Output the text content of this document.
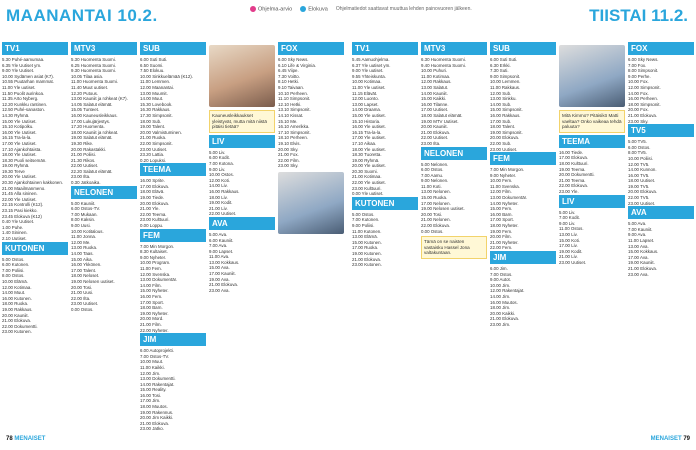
MAANANTAI 10.2.	Ohjelma-arvio	Elokuva Ohjelmatiedot saattavat muuttua lehden painovuoren jälkeen.	TIISTAI 11.2.
TV1
5.30 Puhé-aamumaa.
6.35 Yle Uutiset ym.
9.00 Yle Uutiset.
10.00 Sydämen asiat (K7).
10.55 Puutarhan mammat.
11.00 Yle uutiset.
11.50 Puolit aurinkoa.
11.35 Arto Nyberg.
12.20 Kunkku rantinen.
12.50 Puhé-sanaston.
14.30 Ryhmä.
15.00 Yle Uutiset.
15.10 Kotipolku.
16.00 Yle Uutiset.
16.15 Tra-la-la.
17.00 Yle Uutiset.
17.10 Ajankohtaista.
18.00 Yle Uutiset.
18.30 Puoli seitsemän.
19.00 Ryhmä.
19.30 Terve
20.00 Yle Uutiset.
20.30 Ajankohtainen kakkonen.
21.00 Maailmanmeno.
21.45 Alla sininen.
22.00 Yle Uutiset.
22.15 Kontrolli (K12).
23.15 Pasi kiekko.
23.45 Elokuva (K12)
0.40 Yle Uutiset.
1.00 Puhe.
1.40 Sininen.
2.10 Uutiset.
KUTONEN
5.00 Ostos.
6.00 Kutonen.
7.00 Poliisi.
8.00 Ostos.
10.00 Elämä.
12.00 Kotimaa.
14.00 Muut.
16.00 Kutonen.
18.00 Ruoka.
19.00 Rakkaus.
20.00 Kauniit.
21.00 Elokuva.
22.00 Dokumentti.
23.00 Kutonen.
MTV3
5.30 Huomenta Suomi.
6.25 Huomenta Suomi.
9.30 Huomenta Suomi.
10.05 Tilaa asia.
11.00 Huomenta Suomi.
11.40 Muut uutiset.
12.20 Putous.
13.00 Kauniit ja rohkeat (K7).
14.05 Salatut elämät.
15.05 Tunteet.
16.00 Kauneusleikkaus.
17.00 Lukujärjestys.
17.20 Huomenta.
18.00 Kauniit ja rohkeat.
19.00 Salatut elämät.
19.30 Rike.
20.00 Rakastakki.
21.00 Poliisi.
21.30 Rikos.
22.00 Uutiset.
22.20 Salatut elämät.
23.00 Ilta.
0.30 Jatkoaika.
NELONEN
5.00 Kauniit.
6.00 Ostos-TV.
7.00 Mukaan.
8.00 Kaksin.
9.00 Uusi.
10.00 Kotitalous.
11.00 Jonna.
12.00 Me.
13.00 Ruoka.
14.00 Taas.
15.00 Aika.
16.00 Ykkönen.
17.00 Talent.
18.00 Neloset.
19.00 Nelosen uutiset.
20.00 Tosi.
21.00 Uusi.
22.00 Ilta.
23.00 Uutiset.
0.00 Ostos.
SUB
6.00 Suti Suti.
6.50 Suomi.
7.50 Elokuu.
10.00 Sinkkuelämää (K12).
11.00 Lemmen.
12.00 Maanantai.
13.00 Muumit.
14.00 Muut.
15.30 Lovebook.
16.30 Rakkaus.
17.30 Simpsonit.
18.00 Sub.
19.00 Talent.
20.00 Valmistuminen.
21.00 Ruoka.
22.00 Simpsonit.
23.00 Uutiset.
23.20 Lattia.
0.20 Lopuksi.
TEEMA
16.00 Sprite.
17.00 Elokuva.
18.00 Elävä.
19.00 Tiede.
20.00 Elokuva.
21.00 Yle.
22.00 Teema.
23.00 Kulttuuri.
0.00 Loppu.
FEM
7.00 Min Morgon.
8.30 Kultaiset.
9.00 Nyheter.
10.00 Program.
11.00 Fem.
12.00 Svenska.
13.00 Dokumentär.
14.00 Film.
15.00 Nyheter.
16.00 Fem.
17.00 Sport.
18.00 Barn.
19.00 Nyheter.
20.00 Mord.
21.00 Film.
22.00 Nyheter.
JIM
6.00 Autoprojekti.
7.00 Ostos-TV.
10.00 Muut.
11.00 Kaikki.
12.00 Jim.
13.00 Dokumentti.
14.00 Rakentajat.
15.00 Reality.
16.00 Tosi.
17.00 Jim.
18.00 Muutos.
19.00 Rakennus.
20.00 Jim Kaikki.
21.00 Elokuva.
23.00 Jatko.
Kauneusleikkaukset yleistyvät, mutta mitä niistä pitäisi tietää?
LIV
5.00 Liv.
6.00 Kodit.
7.00 Kotona.
9.00 Liv.
10.00 Ostos.
12.00 Koti.
14.00 Liv.
16.00 Rakkaus.
18.00 Liv.
19.00 Kodit.
21.00 Liv.
22.00 Uutiset.
AVA
5.00 Ava.
6.00 Kauniit.
7.00 Ava.
9.00 Lapset.
11.00 Ava.
13.00 Kokkaus.
15.00 Ava.
17.00 Kauniit.
19.00 Ava.
21.00 Elokuva.
23.00 Ava.
FOX
6.00 Sky News.
6.10 Life & Virginia.
6.45 Viipe.
7.30 Voitto.
8.10 Hetki.
9.10 Taivaan.
10.10 Perheen.
11.10 Simpsonit.
12.10 Hetki.
13.10 Simpsonit.
14.10 Kissat.
15.10 Me.
16.10 Amerikka.
17.10 Simpsonit.
18.10 Perheen.
19.10 Elvis.
20.00 Sky.
21.00 Fox.
22.00 Film.
23.00 Sky.
TV1
5.45 Aamuohjelma.
6.37 Yle uutiset ym.
9.00 Yle uutiset.
9.55 Yhteiskunta.
10.00 Kotimaa.
11.00 Yle uutiset.
11.15 Elävät.
12.00 Luonto.
13.00 Lapset.
14.00 Draama.
15.00 Yle uutiset.
15.10 Historia.
16.00 Yle uutiset.
16.15 Tra-la-la.
17.00 Yle uutiset.
17.10 Aikaa.
18.00 Yle uutiset.
18.30 Tuoretta.
19.00 Ryhmä.
20.00 Yle uutiset.
20.30 Suomi.
21.00 Kotimaa.
22.00 Yle uutiset.
23.00 Kulttuuri.
0.00 Yle uutiset.
KUTONEN
5.00 Ostos.
7.00 Kutonen.
9.00 Poliisi.
11.00 Kutonen.
13.00 Elämä.
15.00 Kutonen.
17.00 Ruoka.
19.00 Kutonen.
21.00 Elokuva.
23.00 Kutonen.
MTV3
6.30 Huomenta Suomi.
9.40 Huomenta Suomi.
10.00 Puhuri.
11.00 Kotimaa.
12.00 Rakkaus.
13.00 Salatut.
14.00 Kauniit.
15.00 Kaikki.
16.00 Tilanne.
17.00 Uutiset.
18.00 Salatut elämät.
19.00 MTV Uutiset.
20.00 Kauniit.
21.00 Elokuva.
22.00 Uutiset.
23.00 Ilta.
NELONEN
5.00 Nelonen.
6.00 Ostos.
7.00 Aamu.
9.00 Nelonen.
11.00 Koti.
13.00 Nelonen.
15.00 Ruoka.
17.00 Nelonen.
19.00 Nelosen uutiset.
20.00 Tosi.
21.00 Nelonen.
22.00 Elokuva.
0.00 Ostos.
Tämä on se naisten vastaisku Hassel Jona valtakuntaan.
SUB
6.00 Suti Suti.
6.30 Erkki.
7.30 Suti.
9.00 Simpsonit.
10.00 Lemmen.
11.00 Rakkaus.
12.00 Sub.
13.00 Sinkku.
14.00 Sub.
15.00 Simpsonit.
16.00 Rakkaus.
17.00 Sub.
18.00 Talent.
19.00 Simpsonit.
20.00 Elokuva.
22.00 Sub.
23.00 Uutiset.
FEM
7.00 Min Morgon.
9.00 Nyheter.
10.00 Fem.
11.00 Svenska.
12.00 Film.
13.00 Dokumentär.
14.00 Nyheter.
15.00 Fem.
16.00 Barn.
17.00 Sport.
18.00 Nyheter.
19.00 Fem.
20.00 Film.
21.00 Nyheter.
22.00 Fem.
JIM
6.00 Jim.
7.00 Ostos.
9.00 Autot.
10.00 Jim.
12.00 Rakentajat.
14.00 Jim.
16.00 Muutos.
18.00 Jim.
20.00 Kaikki.
21.00 Elokuva.
23.00 Jim.
Mitä Kimmo? Pitäisikö Matti vaeltaa? Onko vaikeaa tehdä paluuta?
TEEMA
16.00 Tiede.
17.00 Elokuva.
18.00 Kulttuuri.
19.00 Teema.
20.00 Dokumentti.
21.00 Teema.
22.00 Elokuva.
23.00 Yle.
LIV
5.00 Liv.
7.00 Kodit.
9.00 Liv.
11.00 Ostos.
13.00 Liv.
15.00 Koti.
17.00 Liv.
19.00 Kodit.
21.00 Liv.
23.00 Uutiset.
FOX
6.00 Sky News.
7.00 Fox.
8.00 Simpsonit.
9.00 Perhe.
10.00 Fox.
12.00 Simpsonit.
14.00 Fox.
16.00 Perheen.
18.00 Simpsonit.
20.00 Fox.
21.00 Elokuva.
23.00 Sky.
TV5
5.00 TV5.
6.00 Ostos.
8.00 TV5.
10.00 Poliisi.
12.00 TV5.
14.00 Kunnon.
16.00 TV5.
18.00 Uutiset.
19.00 TV5.
20.00 Elokuva.
22.00 TV5.
23.00 Uutiset.
AVA
5.00 Ava.
7.00 Kauniit.
9.00 Ava.
11.00 Lapset.
13.00 Ava.
15.00 Kokkaus.
17.00 Ava.
19.00 Kauniit.
21.00 Elokuva.
23.00 Ava.
78 MENAISET	MENAISET 79
